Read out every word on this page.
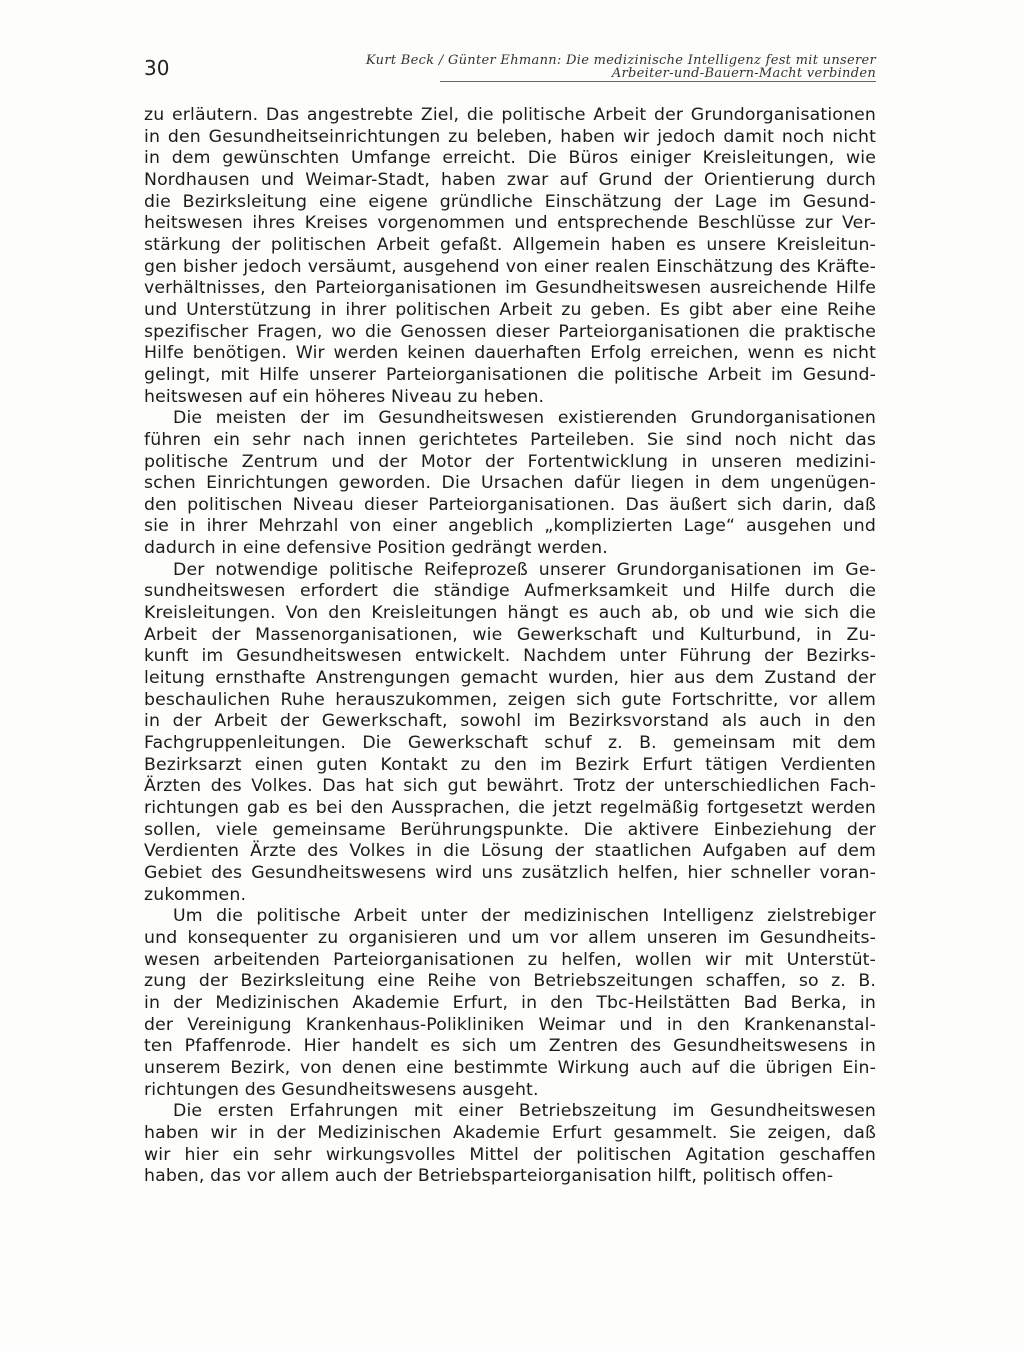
30	Kurt Beck / Günter Ehmann: Die medizinische Intelligenz fest mit unserer
Arbeiter-und-Bauern-Macht verbinden
zu erläutern. Das angestrebte Ziel, die politische Arbeit der Grundorganisationen
in den Gesundheitseinrichtungen zu beleben, haben wir jedoch damit noch nicht
in dem gewünschten Umfange erreicht. Die Büros einiger Kreisleitungen, wie
Nordhausen und Weimar-Stadt, haben zwar auf Grund der Orientierung durch
die Bezirksleitung eine eigene gründliche Einschätzung der Lage im Gesund-
heitswesen ihres Kreises vorgenommen und entsprechende Beschlüsse zur Ver-
stärkung der politischen Arbeit gefaßt. Allgemein haben es unsere Kreisleitun-
gen bisher jedoch versäumt, ausgehend von einer realen Einschätzung des Kräfte-
verhältnisses, den Parteiorganisationen im Gesundheitswesen ausreichende Hilfe
und Unterstützung in ihrer politischen Arbeit zu geben. Es gibt aber eine Reihe
spezifischer Fragen, wo die Genossen dieser Parteiorganisationen die praktische
Hilfe benötigen. Wir werden keinen dauerhaften Erfolg erreichen, wenn es nicht
gelingt, mit Hilfe unserer Parteiorganisationen die politische Arbeit im Gesund-
heitswesen auf ein höheres Niveau zu heben.
Die meisten der im Gesundheitswesen existierenden Grundorganisationen
führen ein sehr nach innen gerichtetes Parteileben. Sie sind noch nicht das
politische Zentrum und der Motor der Fortentwicklung in unseren medizini-
schen Einrichtungen geworden. Die Ursachen dafür liegen in dem ungenügen-
den politischen Niveau dieser Parteiorganisationen. Das äußert sich darin, daß
sie in ihrer Mehrzahl von einer angeblich „komplizierten Lage“ ausgehen und
dadurch in eine defensive Position gedrängt werden.
Der notwendige politische Reifeprozeß unserer Grundorganisationen im Ge-
sundheitswesen erfordert die ständige Aufmerksamkeit und Hilfe durch die
Kreisleitungen. Von den Kreisleitungen hängt es auch ab, ob und wie sich die
Arbeit der Massenorganisationen, wie Gewerkschaft und Kulturbund, in Zu-
kunft im Gesundheitswesen entwickelt. Nachdem unter Führung der Bezirks-
leitung ernsthafte Anstrengungen gemacht wurden, hier aus dem Zustand der
beschaulichen Ruhe herauszukommen, zeigen sich gute Fortschritte, vor allem
in der Arbeit der Gewerkschaft, sowohl im Bezirksvorstand als auch in den
Fachgruppenleitungen. Die Gewerkschaft schuf z. B. gemeinsam mit dem
Bezirksarzt einen guten Kontakt zu den im Bezirk Erfurt tätigen Verdienten
Ärzten des Volkes. Das hat sich gut bewährt. Trotz der unterschiedlichen Fach-
richtungen gab es bei den Aussprachen, die jetzt regelmäßig fortgesetzt werden
sollen, viele gemeinsame Berührungspunkte. Die aktivere Einbeziehung der
Verdienten Ärzte des Volkes in die Lösung der staatlichen Aufgaben auf dem
Gebiet des Gesundheitswesens wird uns zusätzlich helfen, hier schneller voran-
zukommen.
Um die politische Arbeit unter der medizinischen Intelligenz zielstrebiger
und konsequenter zu organisieren und um vor allem unseren im Gesundheits-
wesen arbeitenden Parteiorganisationen zu helfen, wollen wir mit Unterstüt-
zung der Bezirksleitung eine Reihe von Betriebszeitungen schaffen, so z. B.
in der Medizinischen Akademie Erfurt, in den Tbc-Heilstätten Bad Berka, in
der Vereinigung Krankenhaus-Polikliniken Weimar und in den Krankenanstal-
ten Pfaffenrode. Hier handelt es sich um Zentren des Gesundheitswesens in
unserem Bezirk, von denen eine bestimmte Wirkung auch auf die übrigen Ein-
richtungen des Gesundheitswesens ausgeht.
Die ersten Erfahrungen mit einer Betriebszeitung im Gesundheitswesen
haben wir in der Medizinischen Akademie Erfurt gesammelt. Sie zeigen, daß
wir hier ein sehr wirkungsvolles Mittel der politischen Agitation geschaffen
haben, das vor allem auch der Betriebsparteiorganisation hilft, politisch offen-
